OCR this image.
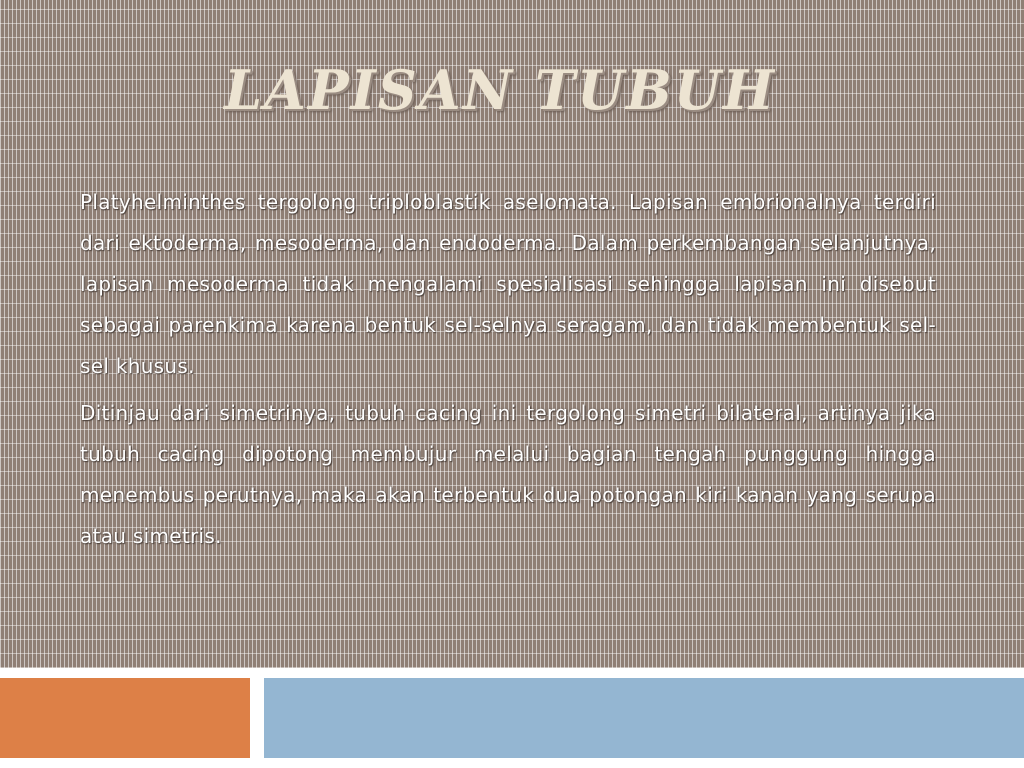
LAPISAN TUBUH

Platyhelminthes tergolong triploblastik aselomata. Lapisan embrionalnya terdiri dari ektoderma, mesoderma, dan endoderma. Dalam perkembangan selanjutnya, lapisan mesoderma tidak mengalami spesialisasi sehingga lapisan ini disebut sebagai parenkima karena bentuk sel-selnya seragam, dan tidak membentuk sel-sel khusus.

Ditinjau dari simetrinya, tubuh cacing ini tergolong simetri bilateral, artinya jika tubuh cacing dipotong membujur melalui bagian tengah punggung hingga menembus perutnya, maka akan terbentuk dua potongan kiri kanan yang serupa atau simetris.
